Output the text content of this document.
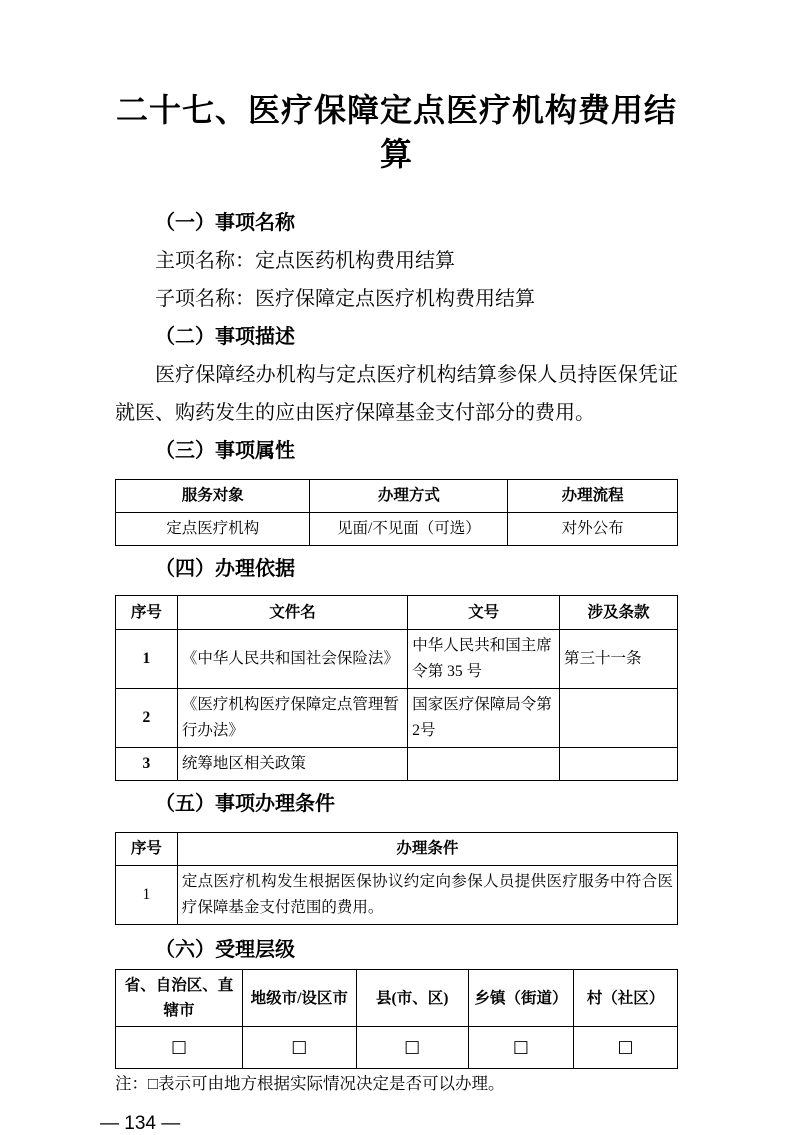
二十七、医疗保障定点医疗机构费用结算

（一）事项名称

主项名称：定点医药机构费用结算

子项名称：医疗保障定点医疗机构费用结算

（二）事项描述

医疗保障经办机构与定点医疗机构结算参保人员持医保凭证就医、购药发生的应由医疗保障基金支付部分的费用。

（三）事项属性

服务对象	办理方式	办理流程
定点医疗机构	见面/不见面（可选）	对外公布

（四）办理依据

序号	文件名	文号	涉及条款
1	《中华人民共和国社会保险法》	中华人民共和国主席令第 35 号	第三十一条
2	《医疗机构医疗保障定点管理暂行办法》	国家医疗保障局令第 2号	
3	统筹地区相关政策		

（五）事项办理条件

序号	办理条件
1	定点医疗机构发生根据医保协议约定向参保人员提供医疗服务中符合医疗保障基金支付范围的费用。

（六）受理层级

省、自治区、直辖市	地级市/设区市	县(市、区)	乡镇（街道）	村（社区）
□	□	□	□	□

注：□表示可由地方根据实际情况决定是否可以办理。

— 134 —
